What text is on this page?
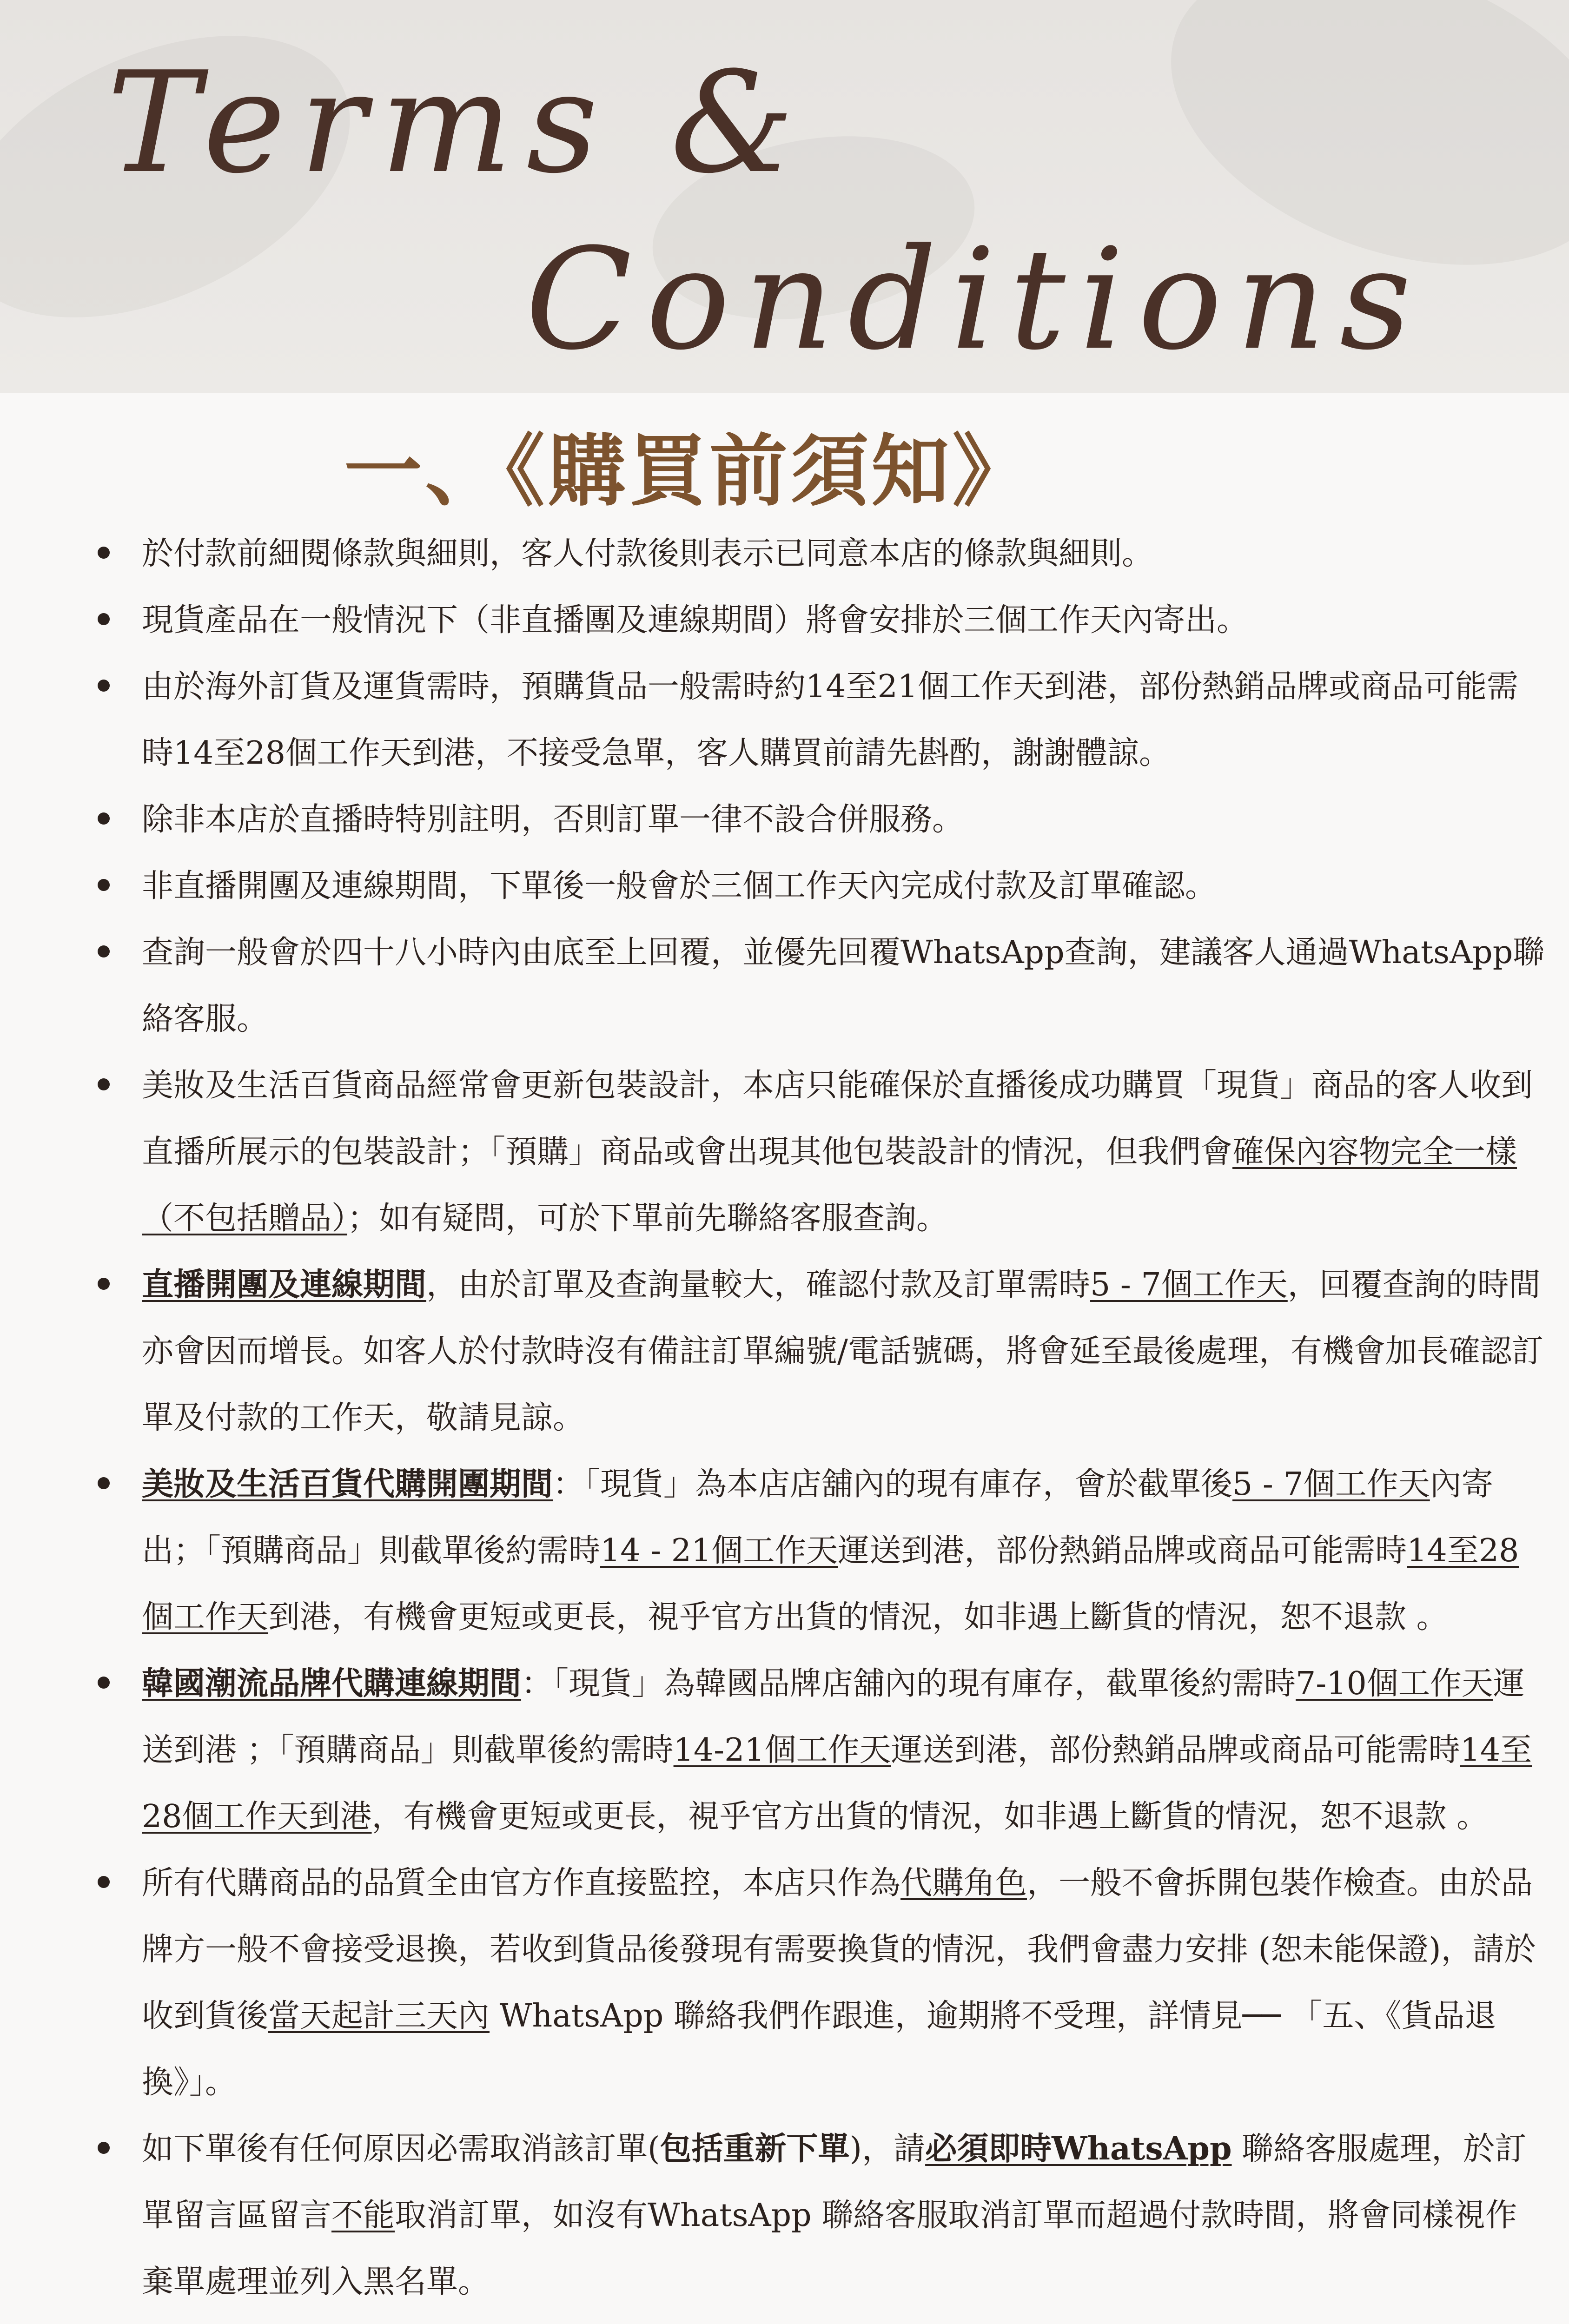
Terms &
Conditions
一、《購買前須知》
於付款前細閱條款與細則，客人付款後則表示已同意本店的條款與細則。
現貨產品在一般情況下（非直播團及連線期間）將會安排於三個工作天內寄出。
由於海外訂貨及運貨需時，預購貨品一般需時約14至21個工作天到港，部份熱銷品牌或商品可能需時14至28個工作天到港，不接受急單，客人購買前請先斟酌，謝謝體諒。
除非本店於直播時特別註明，否則訂單一律不設合併服務。
非直播開團及連線期間，下單後一般會於三個工作天內完成付款及訂單確認。
查詢一般會於四十八小時內由底至上回覆，並優先回覆WhatsApp查詢，建議客人通過WhatsApp聯絡客服。
美妝及生活百貨商品經常會更新包裝設計，本店只能確保於直播後成功購買「現貨」商品的客人收到直播所展示的包裝設計；「預購」商品或會出現其他包裝設計的情況，但我們會確保內容物完全一樣（不包括贈品）；如有疑問，可於下單前先聯絡客服查詢。
直播開團及連線期間，由於訂單及查詢量較大，確認付款及訂單需時5 - 7個工作天，回覆查詢的時間亦會因而增長。如客人於付款時沒有備註訂單編號/電話號碼，將會延至最後處理，有機會加長確認訂單及付款的工作天，敬請見諒。
美妝及生活百貨代購開團期間：「現貨」為本店店舖內的現有庫存，會於截單後5 - 7個工作天內寄出；「預購商品」則截單後約需時14 - 21個工作天運送到港，部份熱銷品牌或商品可能需時14至28個工作天到港，有機會更短或更長，視乎官方出貨的情況，如非遇上斷貨的情況，恕不退款 。
韓國潮流品牌代購連線期間：「現貨」為韓國品牌店舖內的現有庫存，截單後約需時7-10個工作天運送到港 ；「預購商品」則截單後約需時14-21個工作天運送到港，部份熱銷品牌或商品可能需時14至28個工作天到港，有機會更短或更長，視乎官方出貨的情況，如非遇上斷貨的情況，恕不退款 。
所有代購商品的品質全由官方作直接監控，本店只作為代購角色，一般不會拆開包裝作檢查。由於品牌方一般不會接受退換，若收到貨品後發現有需要換貨的情況，我們會盡力安排 (恕未能保證)，請於收到貨後當天起計三天內 WhatsApp 聯絡我們作跟進，逾期將不受理，詳情見── 「五、《貨品退換》」。
如下單後有任何原因必需取消該訂單(包括重新下單)，請必須即時WhatsApp 聯絡客服處理，於訂單留言區留言不能取消訂單，如沒有WhatsApp 聯絡客服取消訂單而超過付款時間，將會同樣視作棄單處理並列入黑名單。
